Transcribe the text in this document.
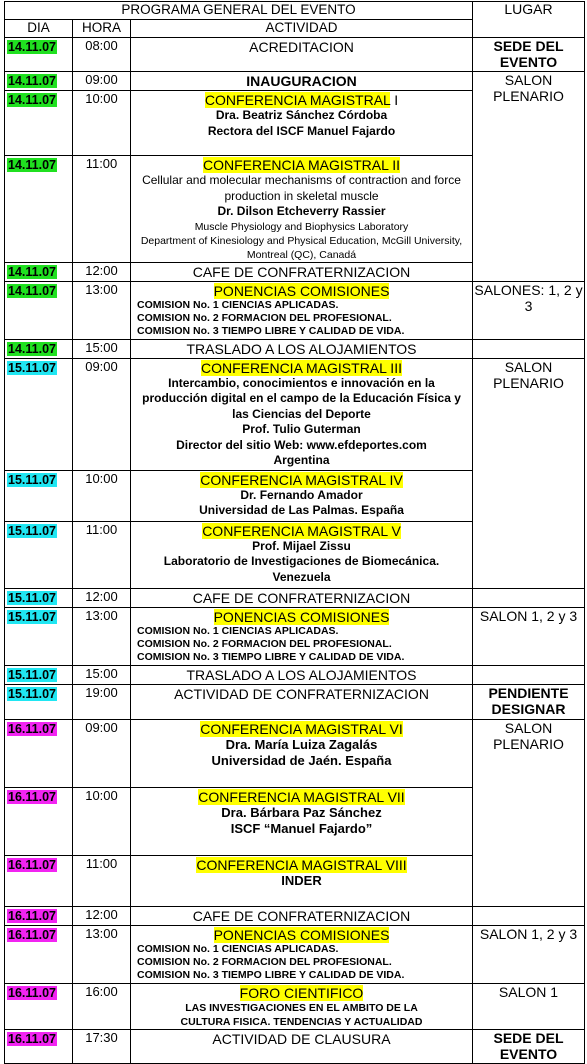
PROGRAMA GENERAL DEL EVENTO			LUGAR
DIA	HORA	ACTIVIDAD	
14.11.07	08:00	ACREDITACION	SEDE DEL EVENTO
14.11.07	09:00	INAUGURACION	SALON PLENARIO
14.11.07	10:00	CONFERENCIA MAGISTRAL I
Dra. Beatriz Sánchez Córdoba
Rectora del ISCF Manuel Fajardo	

14.11.07	11:00	CONFERENCIA MAGISTRAL II
Cellular and molecular mechanisms of contraction and force production in skeletal muscle
Dr. Dilson Etcheverry Rassier
Muscle Physiology and Biophysics Laboratory
Department of Kinesiology and Physical Education, McGill University, Montreal (QC), Canadá	

14.11.07	12:00	CAFE DE CONFRATERNIZACION	

14.11.07	13:00	PONENCIAS COMISIONES
COMISION No. 1 CIENCIAS APLICADAS.
COMISION No. 2 FORMACION DEL PROFESIONAL.
COMISION No. 3 TIEMPO LIBRE Y CALIDAD DE VIDA.	SALONES: 1, 2 y 3
14.11.07	15:00	TRASLADO A LOS ALOJAMIENTOS	

15.11.07	09:00	CONFERENCIA MAGISTRAL III
Intercambio, conocimientos e innovación en la producción digital en el campo de la Educación Física y las Ciencias del Deporte
Prof. Tulio Guterman
Director del sitio Web: www.efdeportes.com
Argentina	SALON PLENARIO
15.11.07	10:00	CONFERENCIA MAGISTRAL IV
Dr. Fernando Amador
Universidad de Las Palmas. España	

15.11.07	11:00	CONFERENCIA MAGISTRAL V
Prof. Mijael Zissu
Laboratorio de Investigaciones de Biomecánica. Venezuela	

15.11.07	12:00	CAFE DE CONFRATERNIZACION	

15.11.07	13:00	PONENCIAS COMISIONES
COMISION No. 1 CIENCIAS APLICADAS.
COMISION No. 2 FORMACION DEL PROFESIONAL.
COMISION No. 3 TIEMPO LIBRE Y CALIDAD DE VIDA.	SALON 1, 2 y 3
15.11.07	15:00	TRASLADO A LOS ALOJAMIENTOS	

15.11.07	19:00	ACTIVIDAD DE CONFRATERNIZACION	PENDIENTE DESIGNAR
16.11.07	09:00	CONFERENCIA MAGISTRAL VI
Dra. María Luiza Zagalás
Universidad de Jaén. España	SALON PLENARIO
16.11.07	10:00	CONFERENCIA MAGISTRAL VII
Dra. Bárbara Paz Sánchez
ISCF “Manuel Fajardo”	

16.11.07	11:00	CONFERENCIA MAGISTRAL VIII
INDER	

16.11.07	12:00	CAFE DE CONFRATERNIZACION	

16.11.07	13:00	PONENCIAS COMISIONES
COMISION No. 1 CIENCIAS APLICADAS.
COMISION No. 2 FORMACION DEL PROFESIONAL.
COMISION No. 3 TIEMPO LIBRE Y CALIDAD DE VIDA.	SALON 1, 2 y 3
16.11.07	16:00	FORO CIENTIFICO
LAS INVESTIGACIONES EN EL AMBITO DE LA CULTURA FISICA. TENDENCIAS Y ACTUALIDAD	SALON 1
16.11.07	17:30	ACTIVIDAD DE CLAUSURA	SEDE DEL EVENTO
